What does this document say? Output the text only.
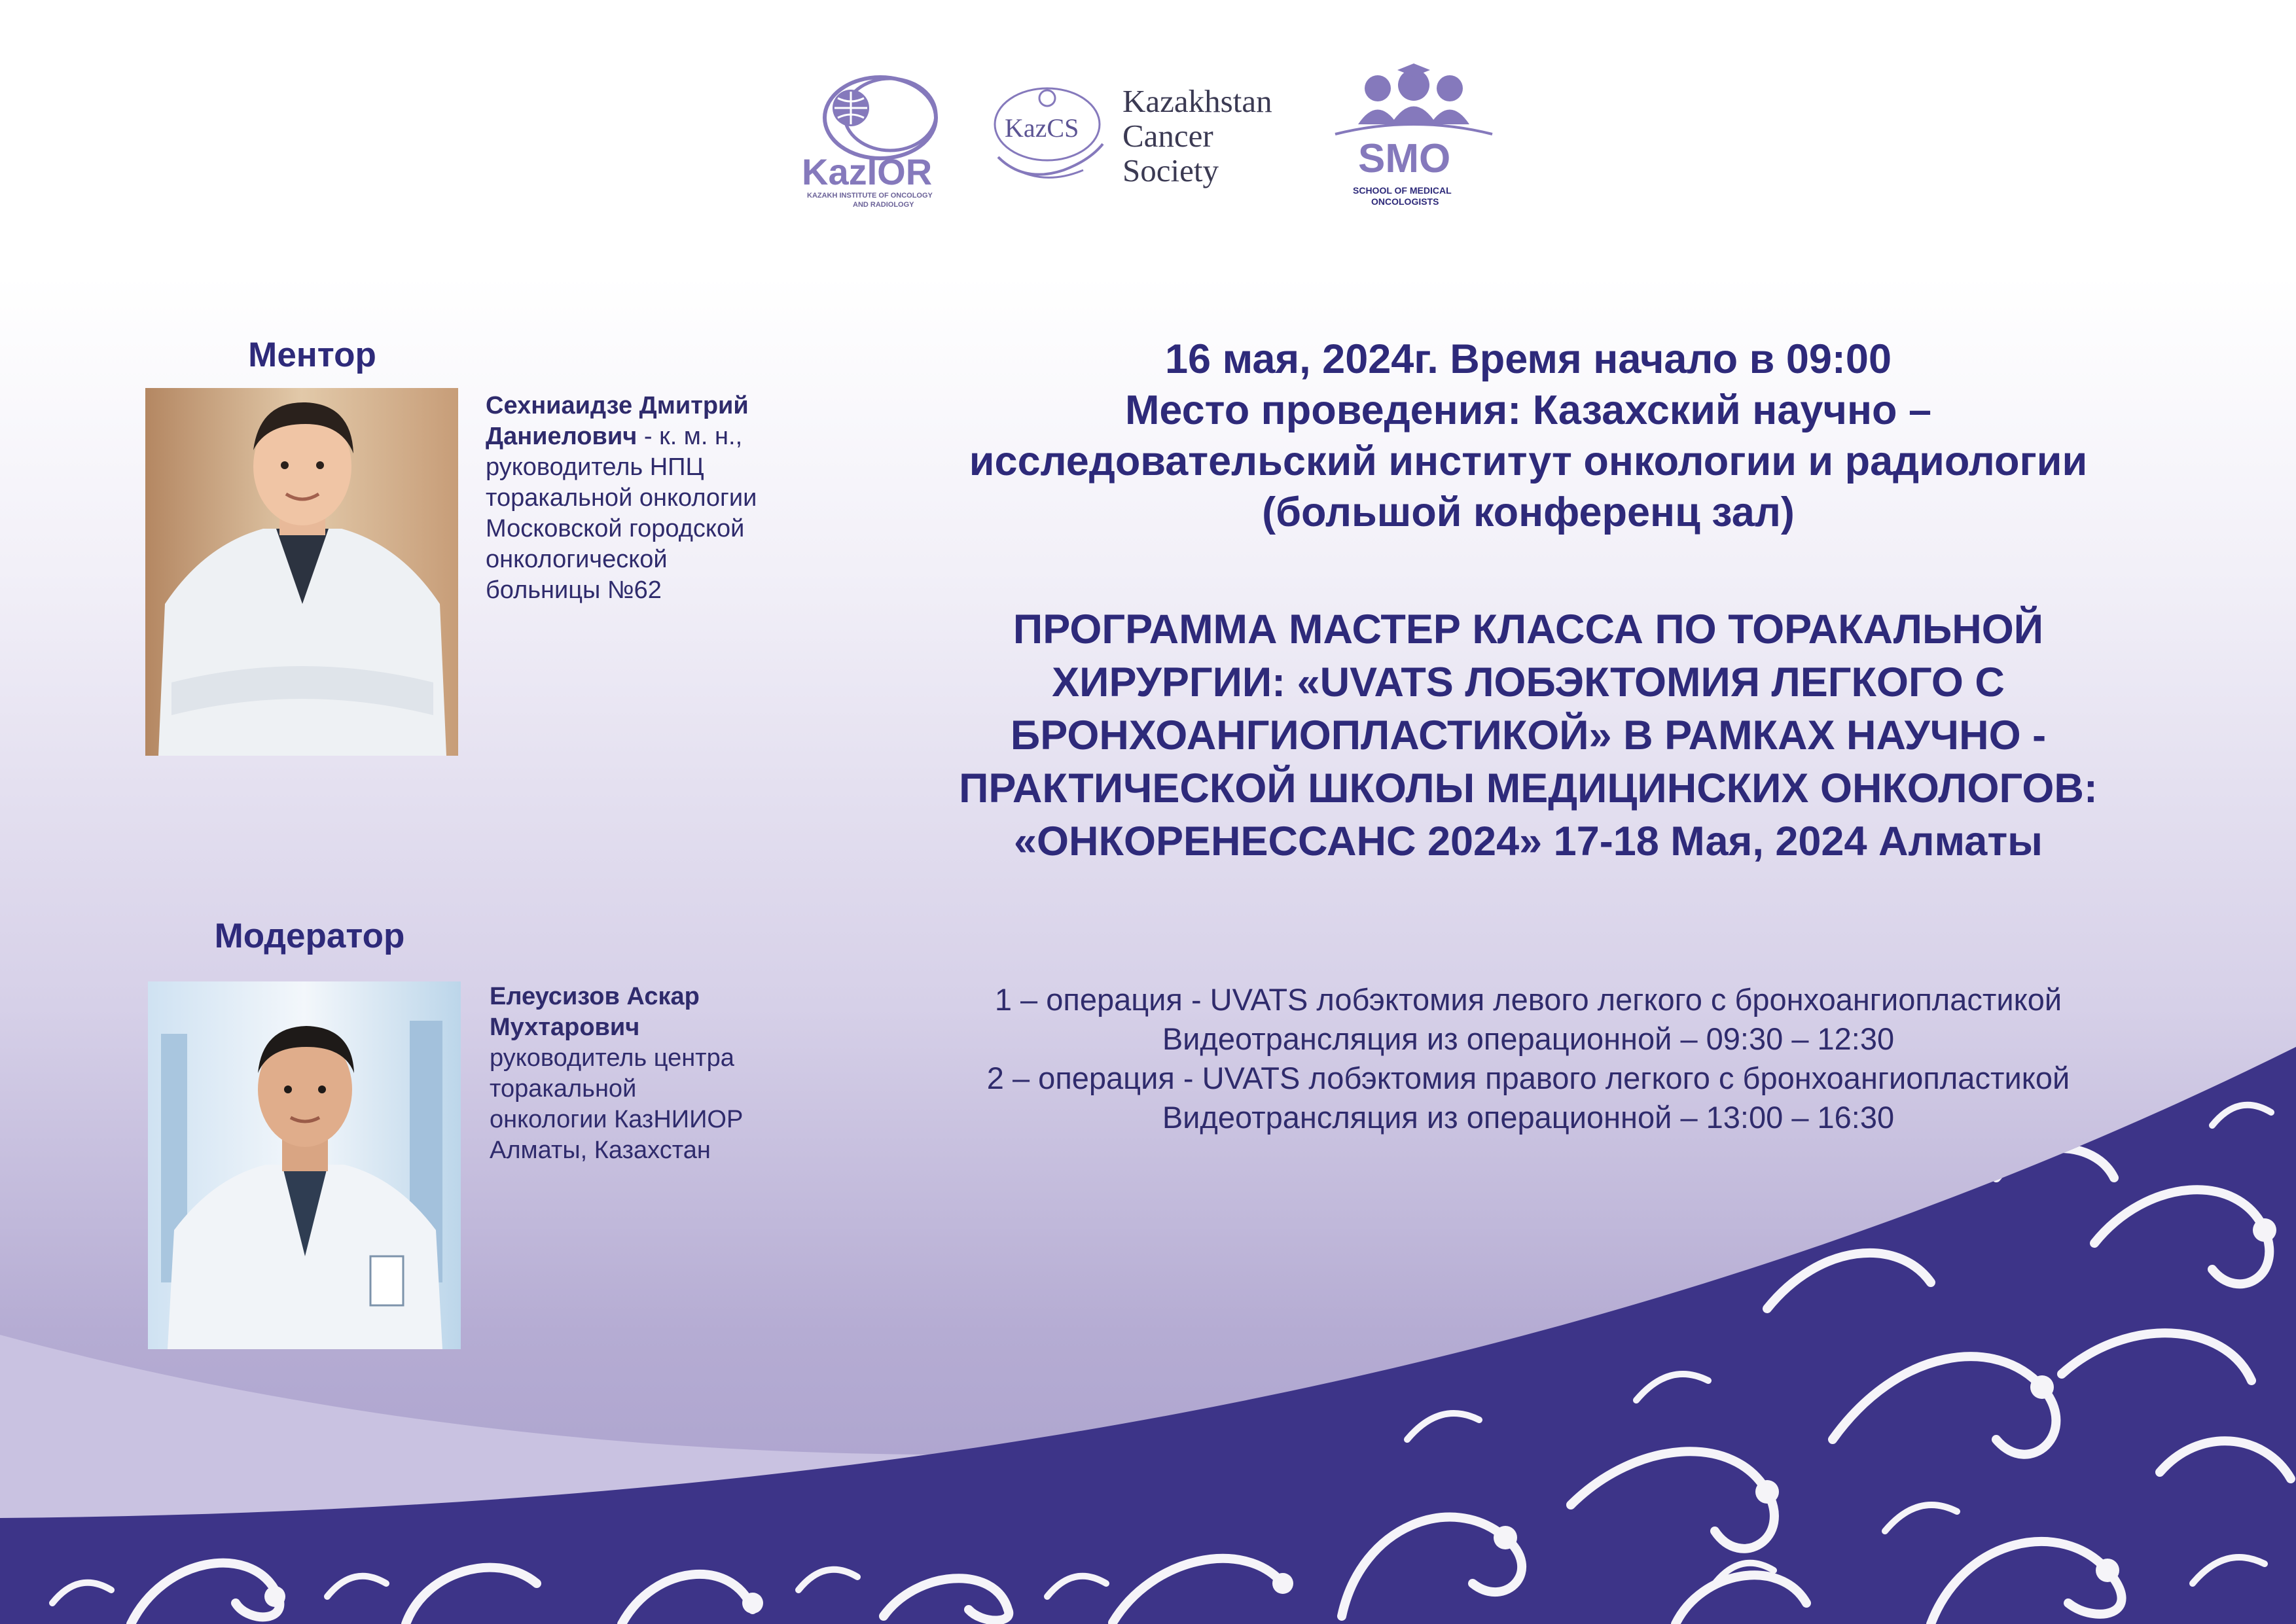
KazIOR
KAZAKH INSTITUTE OF ONCOLOGY
AND RADIOLOGY
KazCS
Kazakhstan
Cancer
Society	SMO
SCHOOL OF MEDICAL
ONCOLOGISTS
Ментор
Сехниаидзе Дмитрий
Даниелович - к. м. н.,
руководитель НПЦ
торакальной онкологии
Московской городской
онкологической
больницы №62
Модератор
Елеусизов Аскар
Мухтарович
руководитель центра
торакальной
онкологии КазНИИОР
Алматы, Казахстан
16 мая, 2024г. Время начало в 09:00
Место проведения: Казахский научно –
исследовательский институт онкологии и радиологии
(большой конференц зал)
ПРОГРАММА МАСТЕР КЛАССА ПО ТОРАКАЛЬНОЙ
ХИРУРГИИ: «UVATS ЛОБЭКТОМИЯ ЛЕГКОГО С
БРОНХОАНГИОПЛАСТИКОЙ» В РАМКАХ НАУЧНО -
ПРАКТИЧЕСКОЙ ШКОЛЫ МЕДИЦИНСКИХ ОНКОЛОГОВ:
«ОНКОРЕНЕССАНС 2024» 17-18 Мая, 2024 Алматы
1 – операция - UVATS лобэктомия левого легкого с бронхоангиопластикой
Видеотрансляция из операционной – 09:30 – 12:30
2 – операция - UVATS лобэктомия правого легкого с бронхоангиопластикой
Видеотрансляция из операционной – 13:00 – 16:30
